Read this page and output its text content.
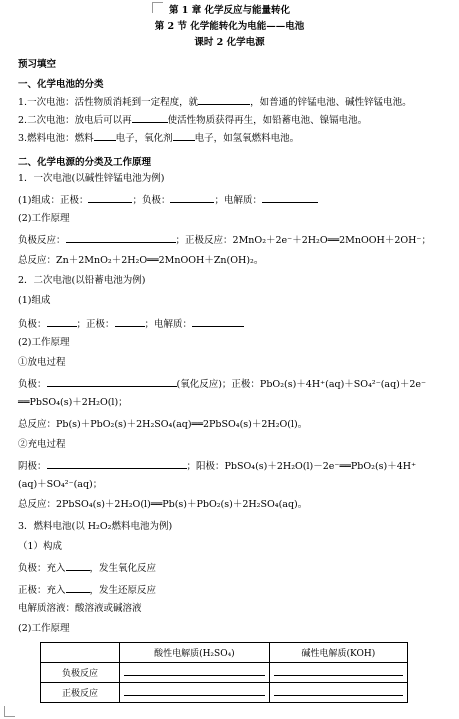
第 1 章 化学反应与能量转化
第 2 节 化学能转化为电能——电池
课时 2 化学电源
预习填空
一、化学电池的分类
1.一次电池：活性物质消耗到一定程度，就	，如普通的锌锰电池、碱性锌锰电池。
2.二次电池：放电后可以再	使活性物质获得再生，如铅蓄电池、镍镉电池。
3.燃料电池：燃料 电子，氧化剂 电子，如氢氧燃料电池。
二、化学电源的分类及工作原理
1．一次电池(以碱性锌锰电池为例)
(1)组成：正极：	；负极：	；电解质：
(2)工作原理
负极反应：	；正极反应：2MnO₂＋2e⁻＋2H₂O══2MnOOH＋2OH⁻；
总反应：Zn＋2MnO₂＋2H₂O══2MnOOH＋Zn(OH)₂。
2．二次电池(以铅蓄电池为例)
(1)组成
负极：	；正极：	；电解质：
(2)工作原理
①放电过程
负极：	(氧化反应)；正极：PbO₂(s)＋4H⁺(aq)＋SO₄²⁻(aq)＋2e⁻
══PbSO₄(s)＋2H₂O(l)；
总反应：Pb(s)＋PbO₂(s)＋2H₂SO₄(aq)══2PbSO₄(s)＋2H₂O(l)。
②充电过程
阴极：	；阳极：PbSO₄(s)＋2H₂O(l)－2e⁻══PbO₂(s)＋4H⁺
(aq)＋SO₄²⁻(aq)；
总反应：2PbSO₄(s)＋2H₂O(l)══Pb(s)＋PbO₂(s)＋2H₂SO₄(aq)。
3．燃料电池(以 H₂O₂燃料电池为例)
（1）构成
负极：充入	，发生氧化反应
正极：充入	，发生还原反应
电解质溶液：酸溶液或碱溶液
(2)工作原理
	酸性电解质(H₂SO₄)	碱性电解质(KOH)
负极反应		
正极反应		
